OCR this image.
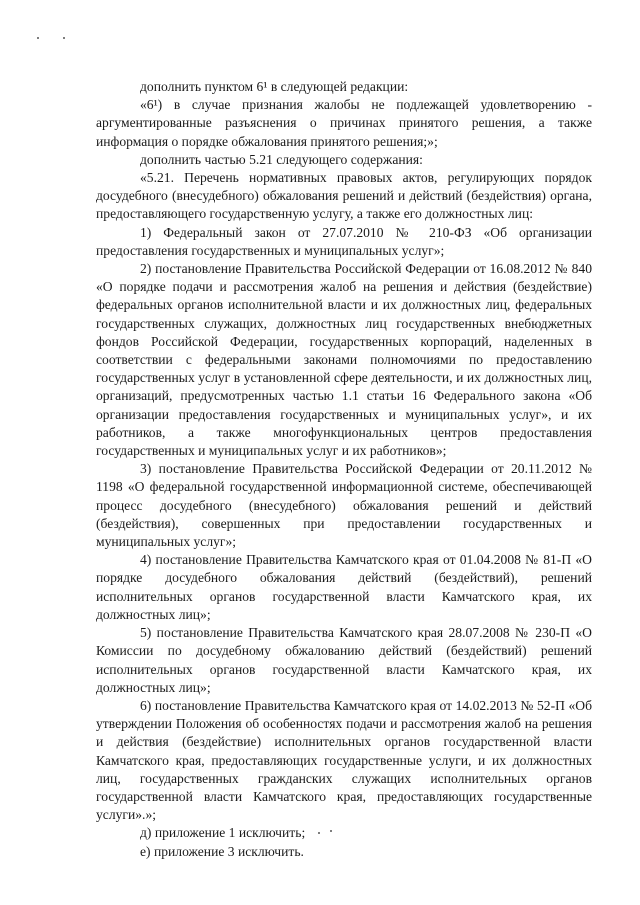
дополнить пунктом 6¹ в следующей редакции:

«6¹) в случае признания жалобы не подлежащей удовлетворению - аргументированные разъяснения о причинах принятого решения, а также информация о порядке обжалования принятого решения;»;

дополнить частью 5.21 следующего содержания:

«5.21. Перечень нормативных правовых актов, регулирующих порядок досудебного (внесудебного) обжалования решений и действий (бездействия) органа, предоставляющего государственную услугу, а также его должностных лиц:

1) Федеральный закон от 27.07.2010 № 210-ФЗ «Об организации предоставления государственных и муниципальных услуг»;

2) постановление Правительства Российской Федерации от 16.08.2012 № 840 «О порядке подачи и рассмотрения жалоб на решения и действия (бездействие) федеральных органов исполнительной власти и их должностных лиц, федеральных государственных служащих, должностных лиц государственных внебюджетных фондов Российской Федерации, государственных корпораций, наделенных в соответствии с федеральными законами полномочиями по предоставлению государственных услуг в установленной сфере деятельности, и их должностных лиц, организаций, предусмотренных частью 1.1 статьи 16 Федерального закона «Об организации предоставления государственных и муниципальных услуг», и их работников, а также многофункциональных центров предоставления государственных и муниципальных услуг и их работников»;

3) постановление Правительства Российской Федерации от 20.11.2012 № 1198 «О федеральной государственной информационной системе, обеспечивающей процесс досудебного (внесудебного) обжалования решений и действий (бездействия), совершенных при предоставлении государственных и муниципальных услуг»;

4) постановление Правительства Камчатского края от 01.04.2008 № 81-П «О порядке досудебного обжалования действий (бездействий), решений исполнительных органов государственной власти Камчатского края, их должностных лиц»;

5) постановление Правительства Камчатского края 28.07.2008 № 230-П «О Комиссии по досудебному обжалованию действий (бездействий) решений исполнительных органов государственной власти Камчатского края, их должностных лиц»;

6) постановление Правительства Камчатского края от 14.02.2013 № 52-П «Об утверждении Положения об особенностях подачи и рассмотрения жалоб на решения и действия (бездействие) исполнительных органов государственной власти Камчатского края, предоставляющих государственные услуги, и их должностных лиц, государственных гражданских служащих исполнительных органов государственной власти Камчатского края, предоставляющих государственные услуги».»;

д) приложение 1 исключить;

е) приложение 3 исключить.
